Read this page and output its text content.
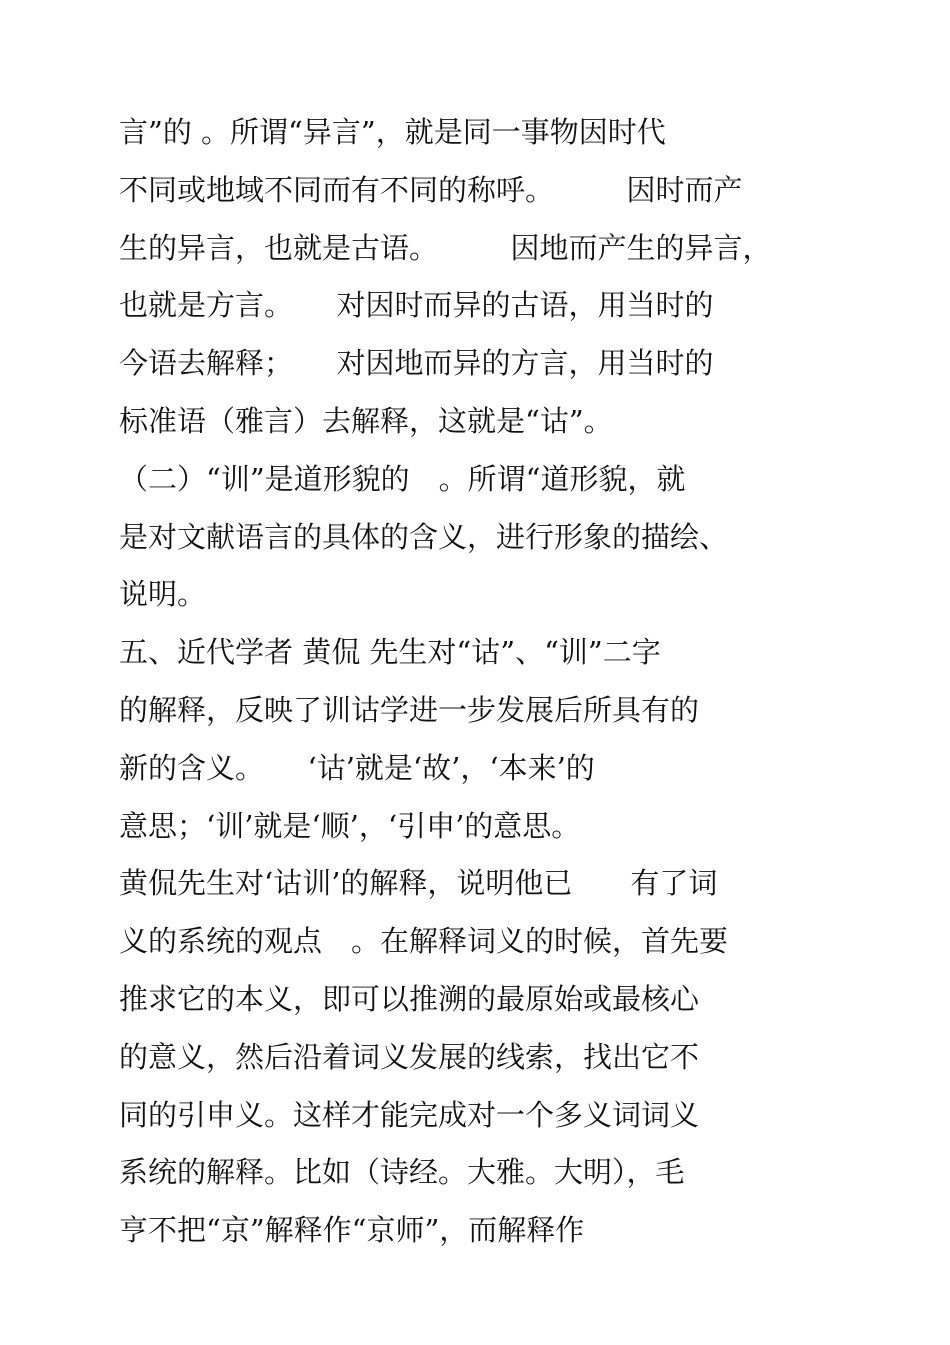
言”的 。所谓“异言”，就是同一事物因时代
不同或地域不同而有不同的称呼。　　　因时而产
生的异言，也就是古语。　　　因地而产生的异言，
也就是方言。　　对因时而异的古语，用当时的
今语去解释；　　对因地而异的方言，用当时的
标准语（雅言）去解释，这就是“诂”。
（二）“训”是道形貌的　。所谓“道形貌，就
是对文献语言的具体的含义，进行形象的描绘、
说明。
五、近代学者 黄侃 先生对“诂”、“训”二字
的解释，反映了训诂学进一步发展后所具有的
新的含义。　　‘诂’就是‘故’，‘本来’的
意思；‘训’就是‘顺’，‘引申’的意思。
黄侃先生对‘诂训’的解释，说明他已　　有了词
义的系统的观点　。在解释词义的时候，首先要
推求它的本义，即可以推溯的最原始或最核心
的意义，然后沿着词义发展的线索，找出它不
同的引申义。这样才能完成对一个多义词词义
系统的解释。比如（诗经。大雅。大明），毛
亨不把“京”解释作“京师”，而解释作
